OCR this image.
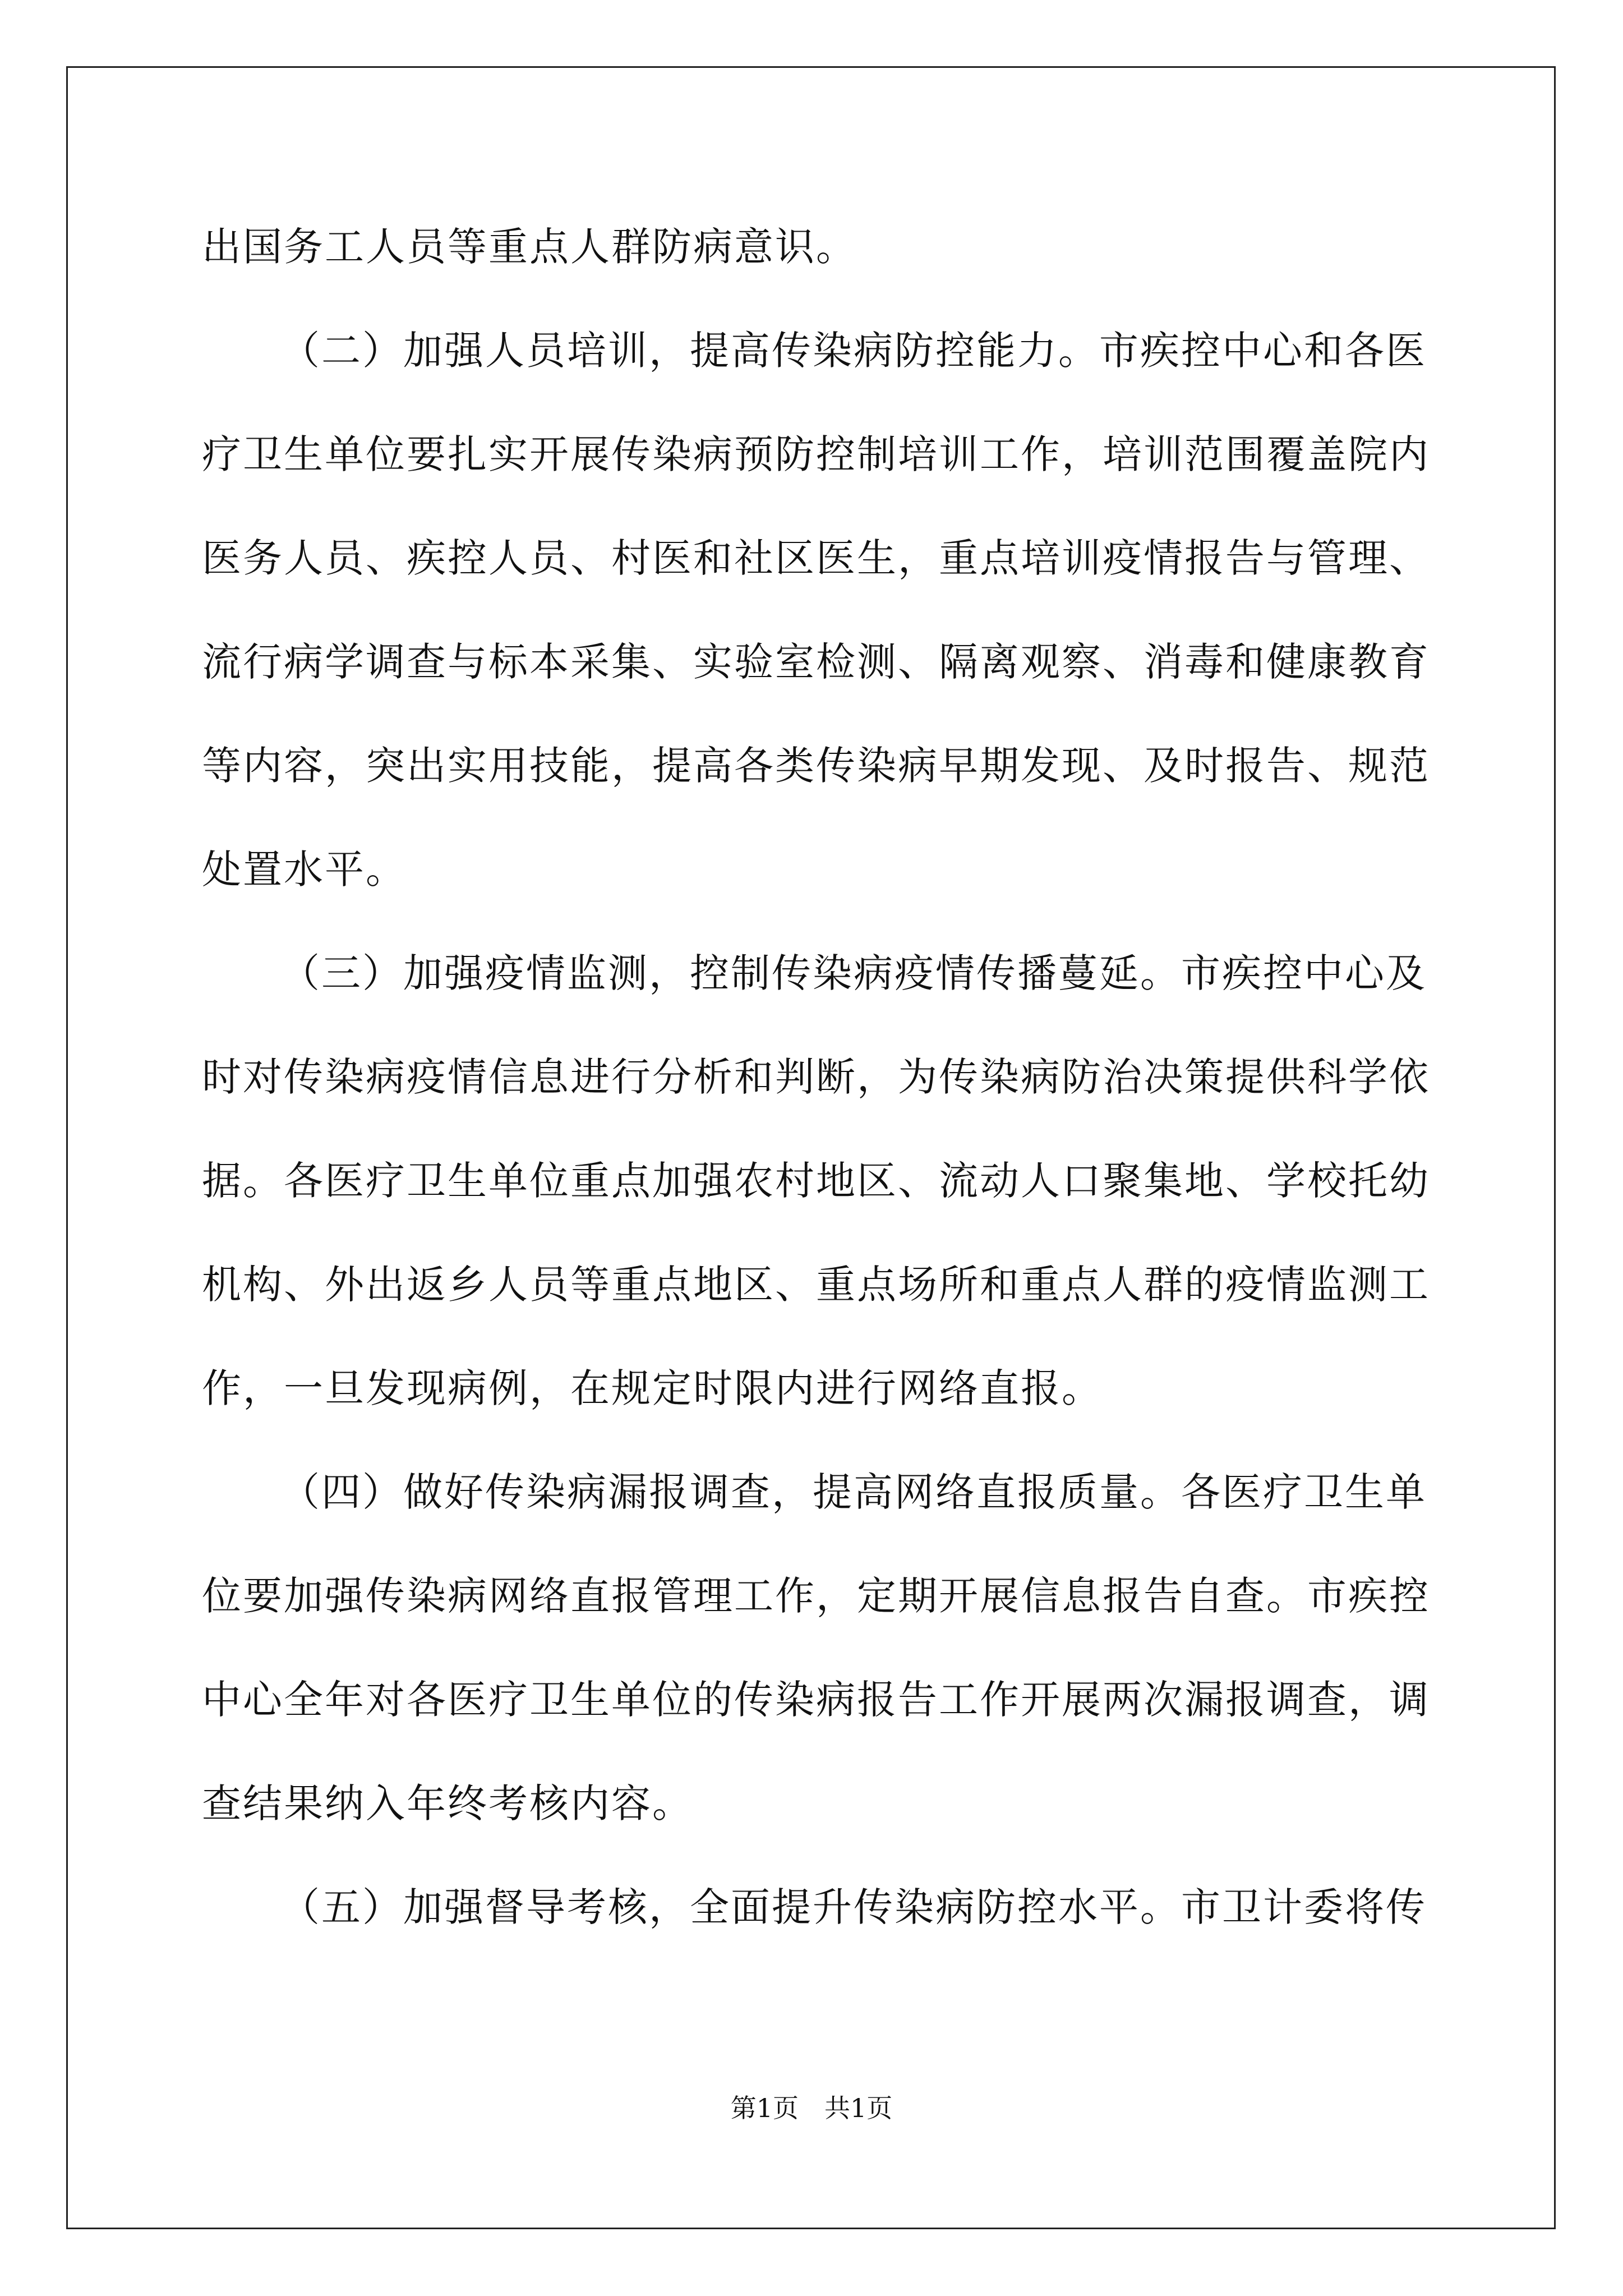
出国务工人员等重点人群防病意识。
（二）加强人员培训，提高传染病防控能力。市疾控中心和各医
疗卫生单位要扎实开展传染病预防控制培训工作，培训范围覆盖院内
医务人员、疾控人员、村医和社区医生，重点培训疫情报告与管理、
流行病学调查与标本采集、实验室检测、隔离观察、消毒和健康教育
等内容，突出实用技能，提高各类传染病早期发现、及时报告、规范
处置水平。
（三）加强疫情监测，控制传染病疫情传播蔓延。市疾控中心及
时对传染病疫情信息进行分析和判断，为传染病防治决策提供科学依
据。各医疗卫生单位重点加强农村地区、流动人口聚集地、学校托幼
机构、外出返乡人员等重点地区、重点场所和重点人群的疫情监测工
作，一旦发现病例，在规定时限内进行网络直报。
（四）做好传染病漏报调查，提高网络直报质量。各医疗卫生单
位要加强传染病网络直报管理工作，定期开展信息报告自查。市疾控
中心全年对各医疗卫生单位的传染病报告工作开展两次漏报调查，调
查结果纳入年终考核内容。
（五）加强督导考核，全面提升传染病防控水平。市卫计委将传
第1页　共1页
